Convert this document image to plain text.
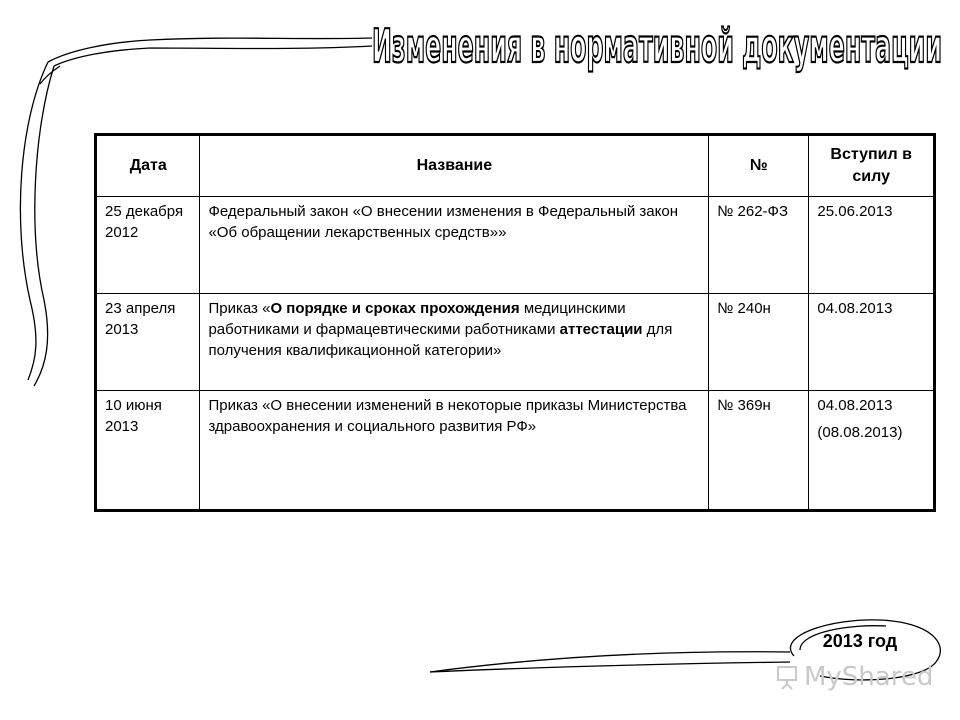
Изменения в нормативной документации
Дата	Название	№	Вступил в силу
25 декабря 2012	Федеральный закон «О внесении изменения в Федеральный закон «Об обращении лекарственных средств»»	№ 262-ФЗ	25.06.2013

23 апреля 2013	Приказ «О порядке и сроках прохождения медицинскими работниками и фармацевтическими работниками аттестации для получения квалификационной категории»	№ 240н	04.08.2013

10 июня 2013	Приказ «О внесении изменений в некоторые приказы Министерства здравоохранения и социального развития РФ»	№ 369н	04.08.2013
(08.08.2013)
2013 год
MyShared
